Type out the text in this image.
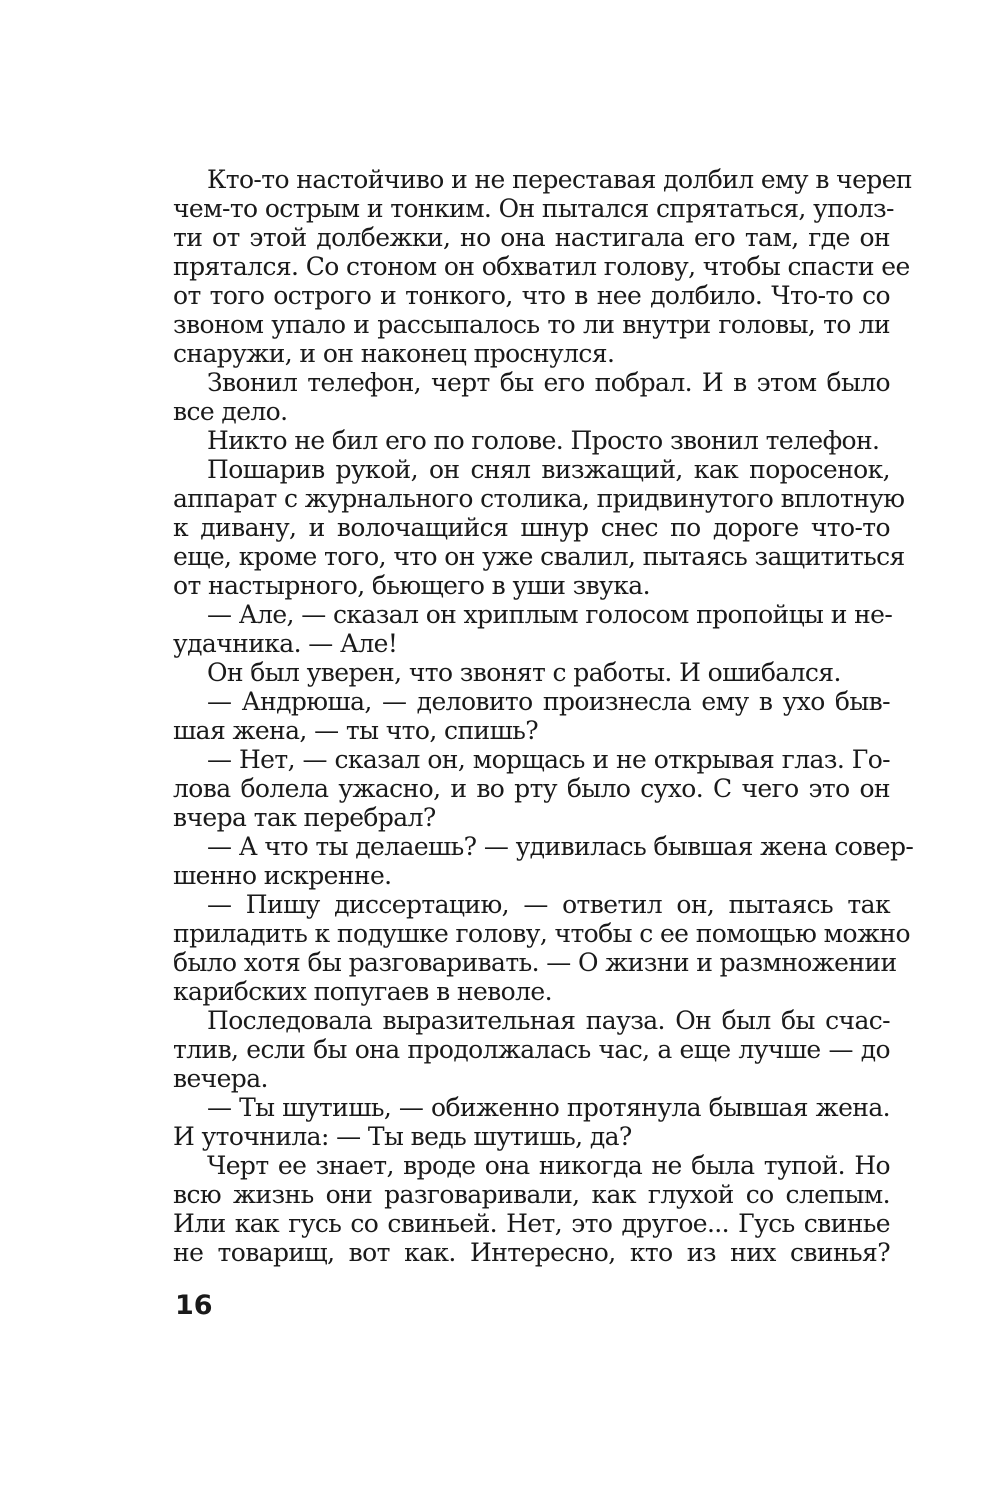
Кто-то настойчиво и не переставая долбил ему в череп
чем-то острым и тонким. Он пытался спрятаться, уполз-
ти от этой долбежки, но она настигала его там, где он
прятался. Со стоном он обхватил голову, чтобы спасти ее
от того острого и тонкого, что в нее долбило. Что-то со
звоном упало и рассыпалось то ли внутри головы, то ли
снаружи, и он наконец проснулся.
Звонил телефон, черт бы его побрал. И в этом было
все дело.
Никто не бил его по голове. Просто звонил телефон.
Пошарив рукой, он снял визжащий, как поросенок,
аппарат с журнального столика, придвинутого вплотную
к дивану, и волочащийся шнур снес по дороге что-то
еще, кроме того, что он уже свалил, пытаясь защититься
от настырного, бьющего в уши звука.
— Але, — сказал он хриплым голосом пропойцы и не-
удачника. — Але!
Он был уверен, что звонят с работы. И ошибался.
— Андрюша, — деловито произнесла ему в ухо быв-
шая жена, — ты что, спишь?
— Нет, — сказал он, морщась и не открывая глаз. Го-
лова болела ужасно, и во рту было сухо. С чего это он
вчера так перебрал?
— А что ты делаешь? — удивилась бывшая жена совер-
шенно искренне.
— Пишу диссертацию, — ответил он, пытаясь так
приладить к подушке голову, чтобы с ее помощью можно
было хотя бы разговаривать. — О жизни и размножении
карибских попугаев в неволе.
Последовала выразительная пауза. Он был бы счас-
тлив, если бы она продолжалась час, а еще лучше — до
вечера.
— Ты шутишь, — обиженно протянула бывшая жена.
И уточнила: — Ты ведь шутишь, да?
Черт ее знает, вроде она никогда не была тупой. Но
всю жизнь они разговаривали, как глухой со слепым.
Или как гусь со свиньей. Нет, это другое... Гусь свинье
не товарищ, вот как. Интересно, кто из них свинья?
16
